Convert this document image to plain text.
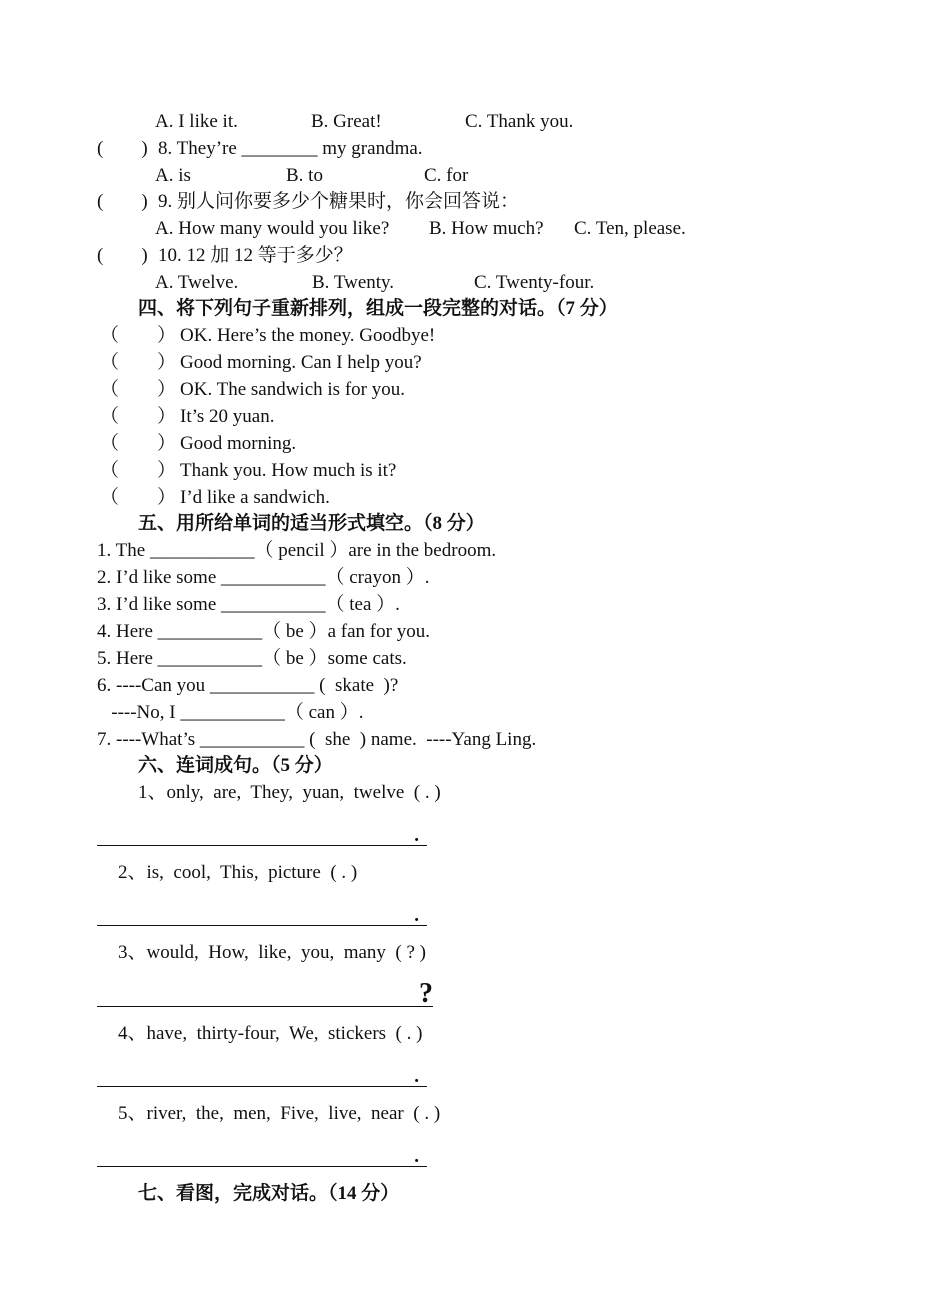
A. I like it.	B. Great!	C. Thank you.
(        ) 8. They’re ________ my grandma.
A. is	B. to	C. for
(        ) 9. 别人问你要多少个糖果时，你会回答说：
A. How many would you like? B. How much? C. Ten, please.
(        ) 10. 12 加 12 等于多少？
A. Twelve.	B. Twenty.	C. Twenty-four.
四、将下列句子重新排列，组成一段完整的对话。（7 分）
（        ） OK. Here’s the money. Goodbye!
（        ） Good morning. Can I help you?
（        ） OK. The sandwich is for you.
（        ） It’s 20 yuan.
（        ） Good morning.
（        ） Thank you. How much is it?
（        ） I’d like a sandwich.
五、用所给单词的适当形式填空。（8 分）
1. The ___________（ pencil ）are in the bedroom.
2. I’d like some ___________（ crayon ）.
3. I’d like some ___________（ tea ）.
4. Here ___________（ be ）a fan for you.
5. Here ___________（ be ）some cats.
6. ----Can you ___________ (  skate  )?
----No, I ___________（ can ）.
7. ----What’s ___________ (  she  ) name.  ----Yang Ling.
六、连词成句。（5 分）
1、only,  are,  They,  yuan,  twelve  ( . )
.
2、is,  cool,  This,  picture  ( . )
.
3、would,  How,  like,  you,  many  ( ? )
?
4、have,  thirty-four,  We,  stickers  ( . )
.
5、river,  the,  men,  Five,  live,  near  ( . )
.
七、看图，完成对话。（14 分）
